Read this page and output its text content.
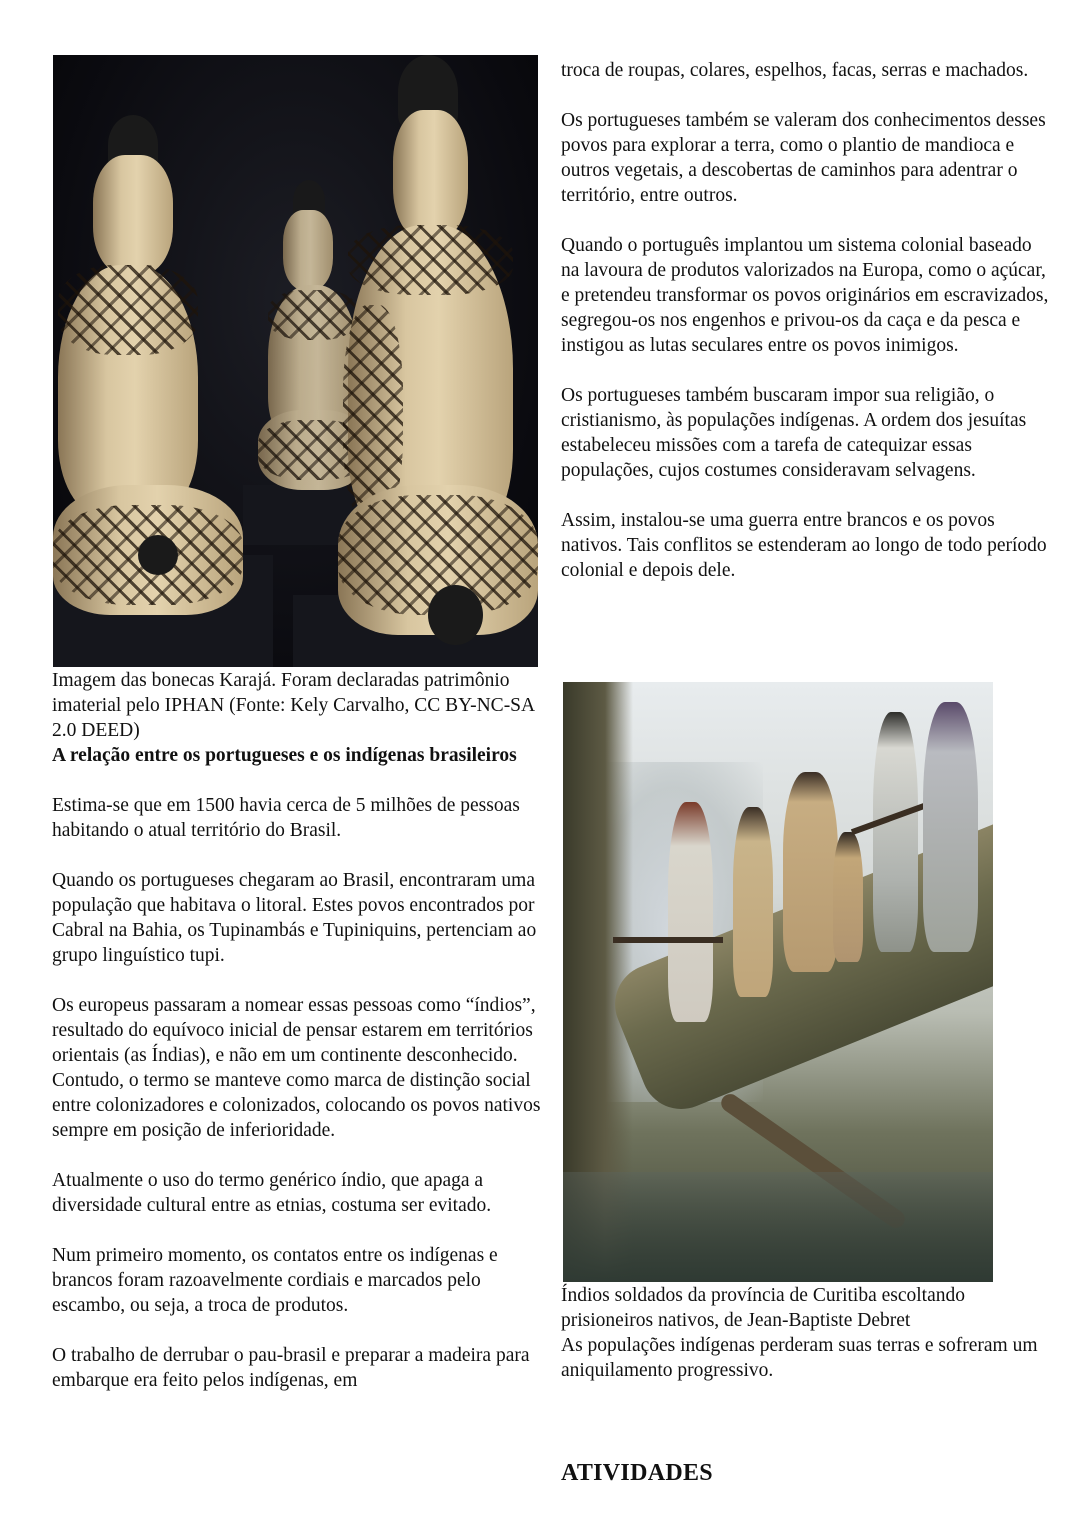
Imagem das bonecas Karajá. Foram declaradas patrimônio imaterial pelo IPHAN (Fonte: Kely Carvalho, CC BY-NC-SA 2.0 DEED)

A relação entre os portugueses e os indígenas brasileiros

Estima-se que em 1500 havia cerca de 5 milhões de pessoas habitando o atual território do Brasil.

Quando os portugueses chegaram ao Brasil, encontraram uma população que habitava o litoral. Estes povos encontrados por Cabral na Bahia, os Tupinambás e Tupiniquins, pertenciam ao grupo linguístico tupi.

Os europeus passaram a nomear essas pessoas como “índios”, resultado do equívoco inicial de pensar estarem em territórios orientais (as Índias), e não em um continente desconhecido. Contudo, o termo se manteve como marca de distinção social entre colonizadores e colonizados, colocando os povos nativos sempre em posição de inferioridade.

Atualmente o uso do termo genérico índio, que apaga a diversidade cultural entre as etnias, costuma ser evitado.

Num primeiro momento, os contatos entre os indígenas e brancos foram razoavelmente cordiais e marcados pelo escambo, ou seja, a troca de produtos.

O trabalho de derrubar o pau-brasil e preparar a madeira para embarque era feito pelos indígenas, em

troca de roupas, colares, espelhos, facas, serras e machados.

Os portugueses também se valeram dos conhecimentos desses povos para explorar a terra, como o plantio de mandioca e outros vegetais, a descobertas de caminhos para adentrar o território, entre outros.

Quando o português implantou um sistema colonial baseado na lavoura de produtos valorizados na Europa, como o açúcar, e pretendeu transformar os povos originários em escravizados, segregou-os nos engenhos e privou-os da caça e da pesca e instigou as lutas seculares entre os povos inimigos.

Os portugueses também buscaram impor sua religião, o cristianismo, às populações indígenas. A ordem dos jesuítas estabeleceu missões com a tarefa de catequizar essas populações, cujos costumes consideravam selvagens.

Assim, instalou-se uma guerra entre brancos e os povos nativos. Tais conflitos se estenderam ao longo de todo período colonial e depois dele.

Índios soldados da província de Curitiba escoltando prisioneiros nativos, de Jean-Baptiste Debret

As populações indígenas perderam suas terras e sofreram um aniquilamento progressivo.

ATIVIDADES
